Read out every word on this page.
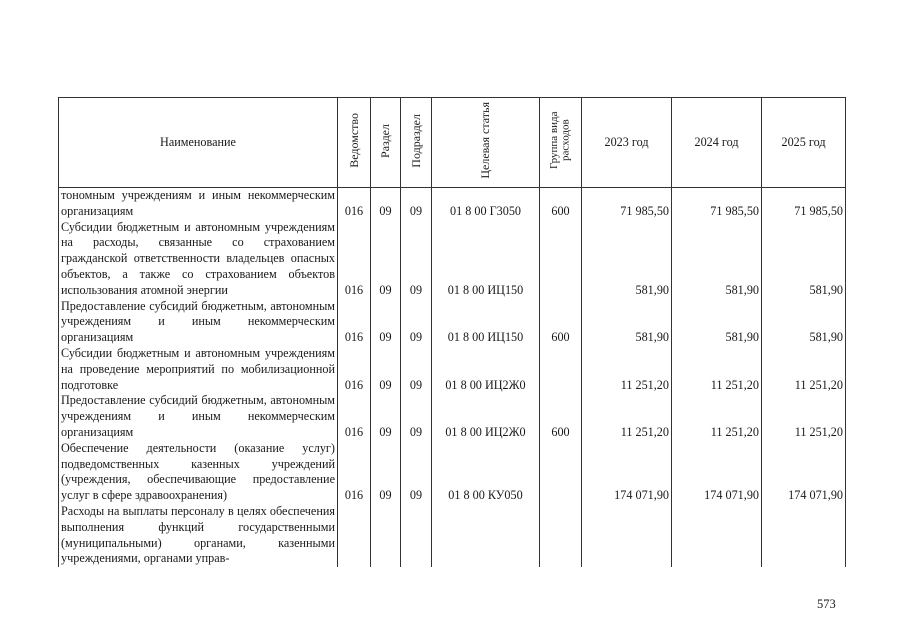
Наименование	Ведомство	Раздел	Подраздел	Целевая статья	Группа вида расходов	2023 год	2024 год	2025 год
тономным учреждениям и иным некоммерческим организациям	016	09	09	01 8 00 Г3050	600	71 985,50	71 985,50	71 985,50
Субсидии бюджетным и автономным учреждениям на расходы, связанные со страхованием гражданской ответственности владельцев опасных объектов, а также со страхованием объектов использования атомной энергии	016	09	09	01 8 00 ИЦ150		581,90	581,90	581,90
Предоставление субсидий бюджетным, автономным учреждениям и иным некоммерческим организациям	016	09	09	01 8 00 ИЦ150	600	581,90	581,90	581,90
Субсидии бюджетным и автономным учреждениям на проведение мероприятий по мобилизационной подготовке	016	09	09	01 8 00 ИЦ2Ж0		11 251,20	11 251,20	11 251,20
Предоставление субсидий бюджетным, автономным учреждениям и иным некоммерческим организациям	016	09	09	01 8 00 ИЦ2Ж0	600	11 251,20	11 251,20	11 251,20
Обеспечение деятельности (оказание услуг) подведомственных казенных учреждений (учреждения, обеспечивающие предоставление услуг в сфере здравоохранения)	016	09	09	01 8 00 КУ050		174 071,90	174 071,90	174 071,90
Расходы на выплаты персоналу в целях обеспечения выполнения функций государственными (муниципальными) органами, казенными учреждениями, органами управ-								
573
